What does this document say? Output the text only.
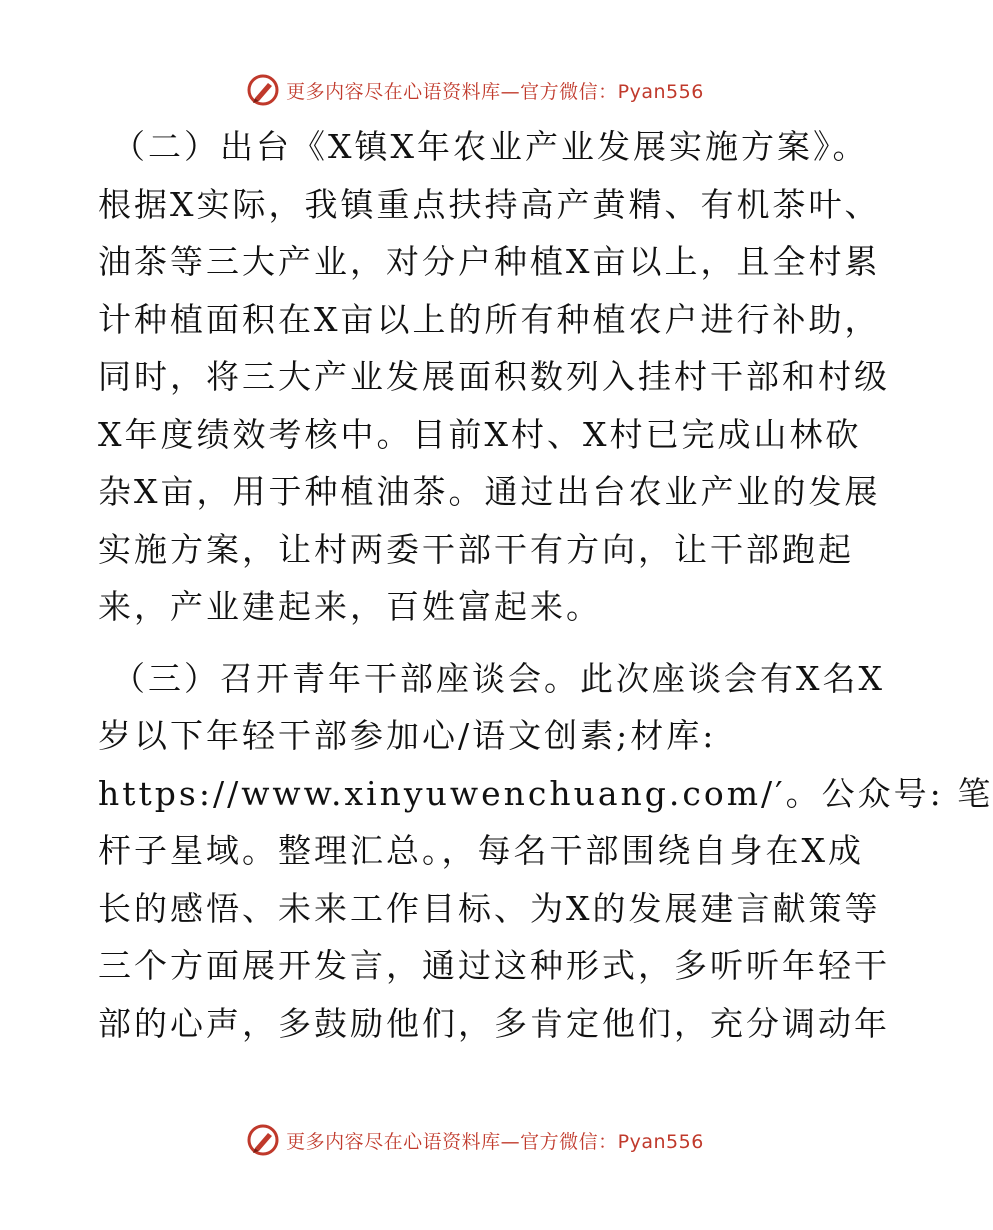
更多内容尽在心语资料库—官方微信：Pyan556
（二）出台《X镇X年农业产业发展实施方案》。
根据X实际，我镇重点扶持高产黄精、有机茶叶、
油茶等三大产业，对分户种植X亩以上，且全村累
计种植面积在X亩以上的所有种植农户进行补助，
同时，将三大产业发展面积数列入挂村干部和村级
X年度绩效考核中。目前X村、X村已完成山林砍
杂X亩，用于种植油茶。通过出台农业产业的发展
实施方案，让村两委干部干有方向，让干部跑起
来，产业建起来，百姓富起来。
（三）召开青年干部座谈会。此次座谈会有X名X
岁以下年轻干部参加心/语文创素;材库:
https://www.xinyuwenchuang.com/′。公众号: 笔
杆子星域。整理汇总。，每名干部围绕自身在X成
长的感悟、未来工作目标、为X的发展建言献策等
三个方面展开发言，通过这种形式，多听听年轻干
部的心声，多鼓励他们，多肯定他们，充分调动年
更多内容尽在心语资料库—官方微信：Pyan556
